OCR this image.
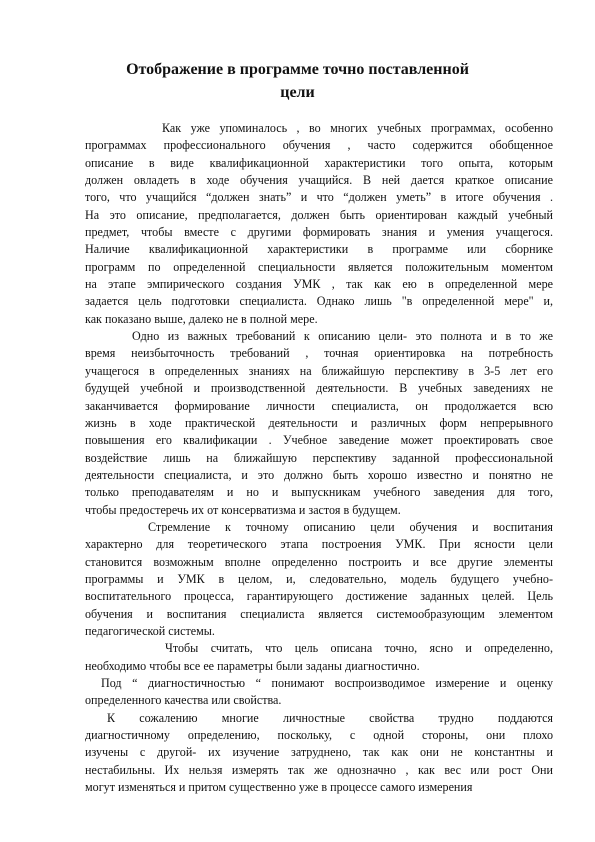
Отображение в программе точно поставленной
цели
Как уже упоминалось , во многих учебных программах, особенно
программах профессионального обучения , часто содержится обобщенное
описание в виде квалификационной характеристики того опыта, которым
должен овладеть в ходе обучения учащийся. В ней дается краткое описание
того, что учащийся “должен знать” и что “должен уметь” в итоге обучения .
На это описание, предполагается, должен быть ориентирован каждый учебный
предмет, чтобы вместе с другими формировать знания и умения учащегося.
Наличие квалификационной характеристики в программе или сборнике
программ по определенной специальности является положительным моментом
на этапе эмпирического создания УМК , так как ею в определенной мере
задается цель подготовки специалиста. Однако лишь "в определенной мере" и,
как показано выше, далеко не в полной мере.
Одно из важных требований к описанию цели- это полнота и в то же
время неизбыточность требований , точная ориентировка на потребность
учащегося в определенных знаниях на ближайшую перспективу в 3-5 лет его
будущей учебной и производственной деятельности. В учебных заведениях не
заканчивается формирование личности специалиста, он продолжается всю
жизнь в ходе практической деятельности и различных форм непрерывного
повышения его квалификации . Учебное заведение может проектировать свое
воздействие лишь на ближайшую перспективу заданной профессиональной
деятельности специалиста, и это должно быть хорошо известно и понятно не
только преподавателям и но и выпускникам учебного заведения для того,
чтобы предостеречь их от консерватизма и застоя в будущем.
Стремление к точному описанию цели обучения и воспитания
характерно для теоретического этапа построения УМК. При ясности цели
становится возможным вполне определенно построить и все другие элементы
программы и УМК в целом, и, следовательно, модель будущего учебно-
воспитательного процесса, гарантирующего достижение заданных целей. Цель
обучения и воспитания специалиста является системообразующим элементом
педагогической системы.
Чтобы считать, что цель описана точно, ясно и определенно,
необходимо чтобы все ее параметры были заданы диагностично.
Под “ диагностичностью “ понимают воспроизводимое измерение и оценку
определенного качества или свойства.
К сожалению многие личностные свойства трудно поддаются
диагностичному определению, поскольку, с одной стороны, они плохо
изучены с другой- их изучение затруднено, так как они не константны и
нестабильны. Их нельзя измерять так же однозначно , как вес или рост Они
могут изменяться и притом существенно уже в процессе самого измерения
